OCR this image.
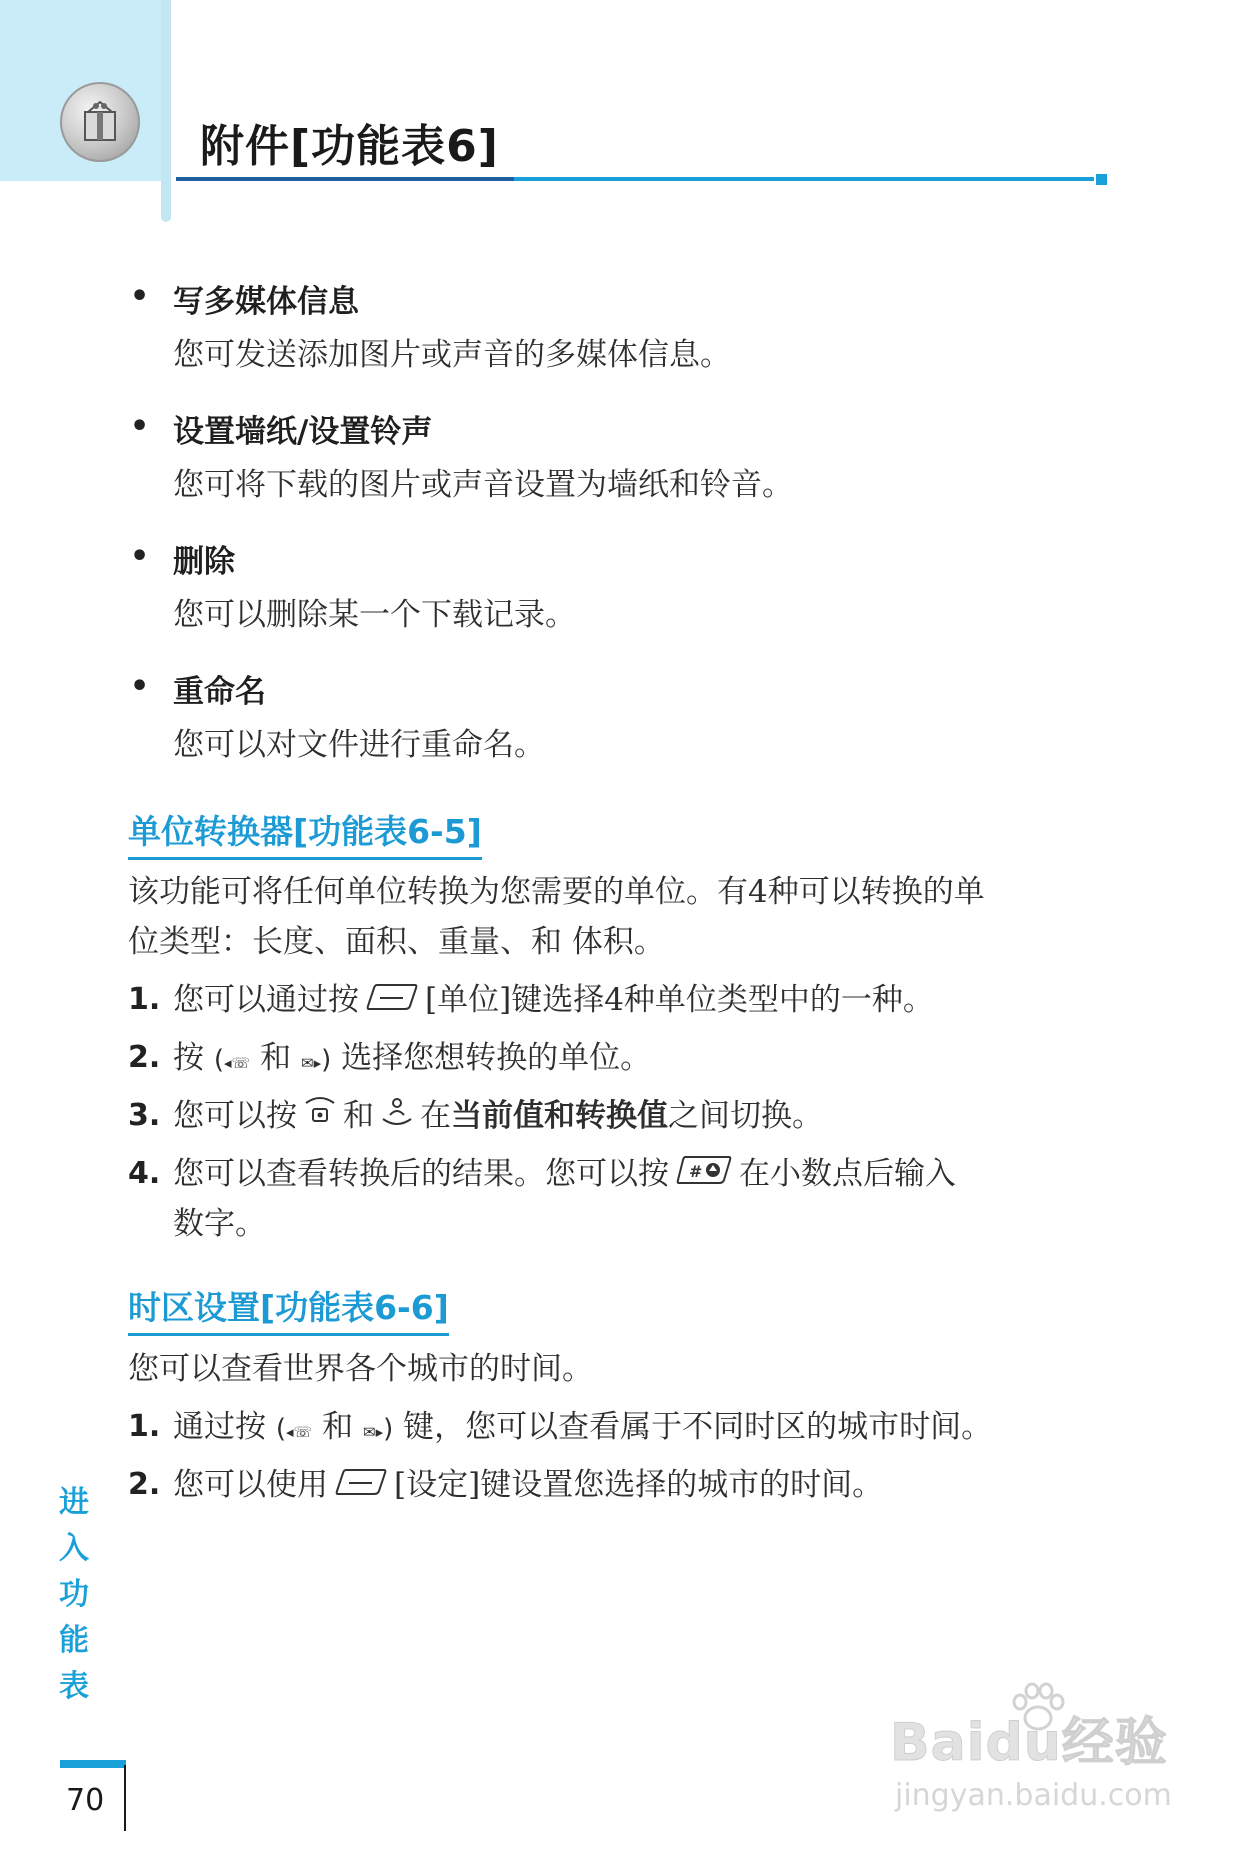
附件[功能表6]
• 写多媒体信息
您可发送添加图片或声音的多媒体信息。
• 设置墙纸/设置铃声
您可将下载的图片或声音设置为墙纸和铃音。
• 删除
您可以删除某一个下载记录。
• 重命名
您可以对文件进行重命名。
单位转换器[功能表6-5]
该功能可将任何单位转换为您需要的单位。有4种可以转换的单
位类型：长度、面积、重量、和 体积。
1. 您可以通过按 [单位]键选择4种单位类型中的一种。
2. 按 (◂☏ 和 ✉▸) 选择您想转换的单位。
3. 您可以按 和 在当前值和转换值之间切换。
4. 您可以查看转换后的结果。您可以按 # 在小数点后输入
数字。
时区设置[功能表6-6]

您可以查看世界各个城市的时间。

1. 通过按 (◂☏ 和 ✉▸) 键，您可以查看属于不同时区的城市时间。
2. 您可以使用 [设定]键设置您选择的城市的时间。
进入功能表
70
Baidu经验
jingyan.baidu.com
